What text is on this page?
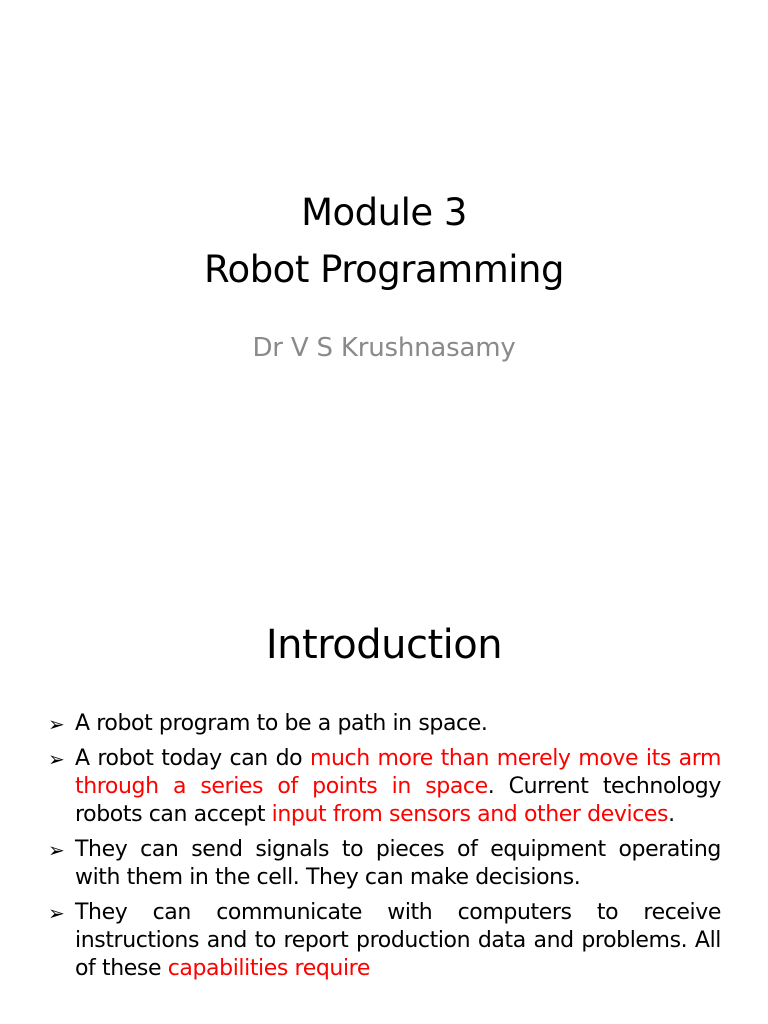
Module 3
Robot Programming
Dr V S Krushnasamy
Introduction
➢ A robot program to be a path in space.
➢ A robot today can do much more than merely move its arm through a series of points in space. Current technology robots can accept input from sensors and other devices.
➢ They can send signals to pieces of equipment operating with them in the cell. They can make decisions.
➢ They can communicate with computers to receive instructions and to report production data and problems. All of these capabilities require
